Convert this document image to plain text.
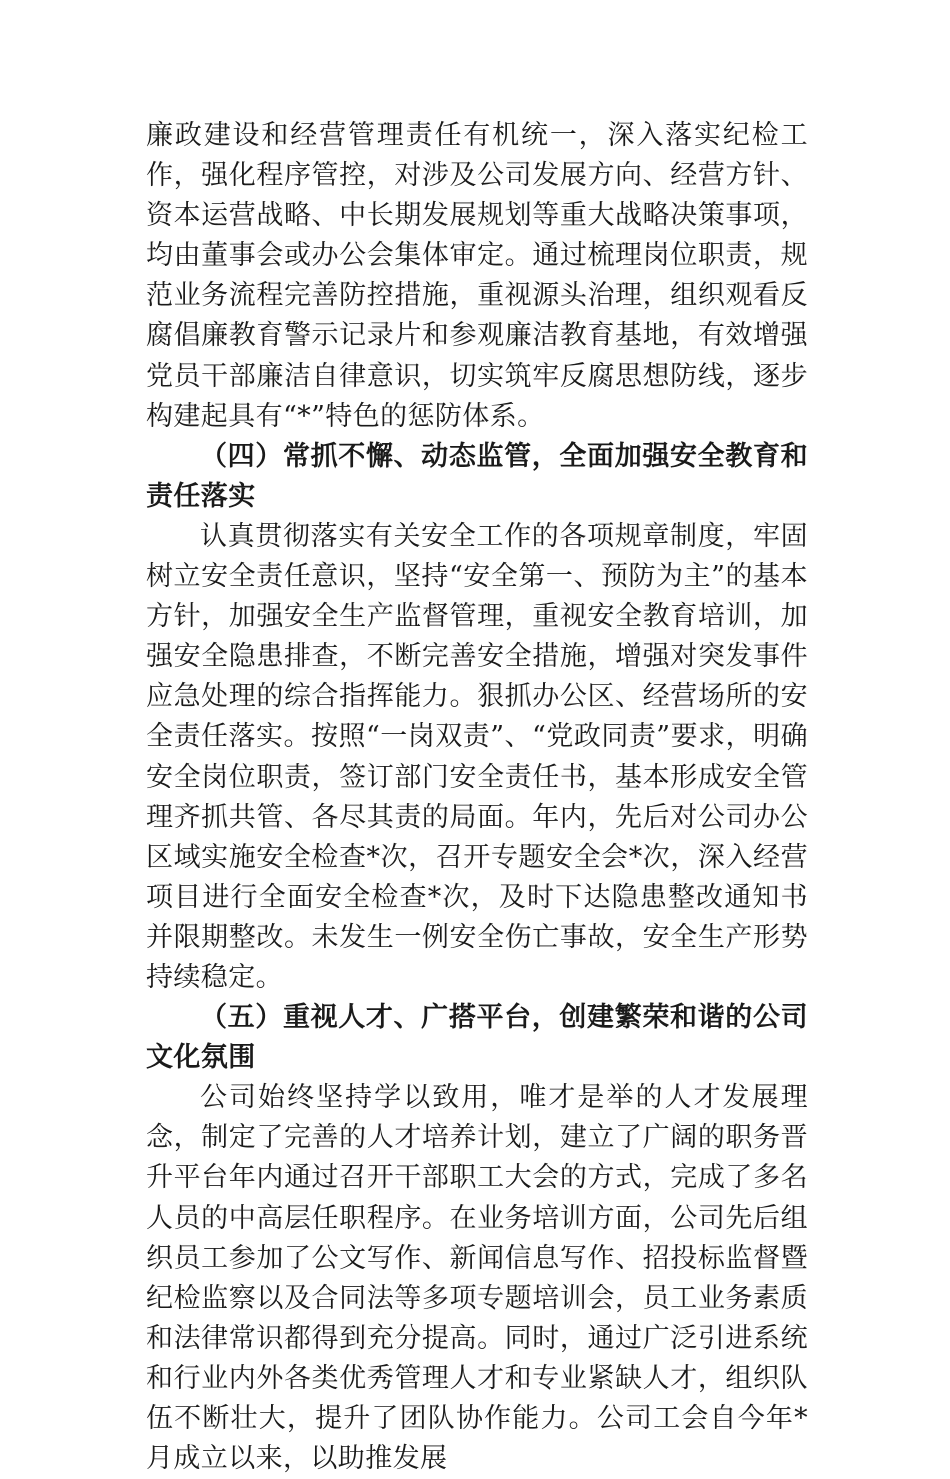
廉政建设和经营管理责任有机统一，深入落实纪检工作，强化程序管控，对涉及公司发展方向、经营方针、资本运营战略、中长期发展规划等重大战略决策事项，均由董事会或办公会集体审定。通过梳理岗位职责，规范业务流程完善防控措施，重视源头治理，组织观看反腐倡廉教育警示记录片和参观廉洁教育基地，有效增强党员干部廉洁自律意识，切实筑牢反腐思想防线，逐步构建起具有“*”特色的惩防体系。

（四）常抓不懈、动态监管，全面加强安全教育和责任落实

认真贯彻落实有关安全工作的各项规章制度，牢固树立安全责任意识，坚持“安全第一、预防为主”的基本方针，加强安全生产监督管理，重视安全教育培训，加强安全隐患排查，不断完善安全措施，增强对突发事件应急处理的综合指挥能力。狠抓办公区、经营场所的安全责任落实。按照“一岗双责”、“党政同责”要求，明确安全岗位职责，签订部门安全责任书，基本形成安全管理齐抓共管、各尽其责的局面。年内，先后对公司办公区域实施安全检查*次，召开专题安全会*次，深入经营项目进行全面安全检查*次，及时下达隐患整改通知书并限期整改。未发生一例安全伤亡事故，安全生产形势持续稳定。

（五）重视人才、广搭平台，创建繁荣和谐的公司文化氛围

公司始终坚持学以致用，唯才是举的人才发展理念，制定了完善的人才培养计划，建立了广阔的职务晋升平台年内通过召开干部职工大会的方式，完成了多名人员的中高层任职程序。在业务培训方面，公司先后组织员工参加了公文写作、新闻信息写作、招投标监督暨纪检监察以及合同法等多项专题培训会，员工业务素质和法律常识都得到充分提高。同时，通过广泛引进系统和行业内外各类优秀管理人才和专业紧缺人才，组织队伍不断壮大，提升了团队协作能力。公司工会自今年*月成立以来，以助推发展
